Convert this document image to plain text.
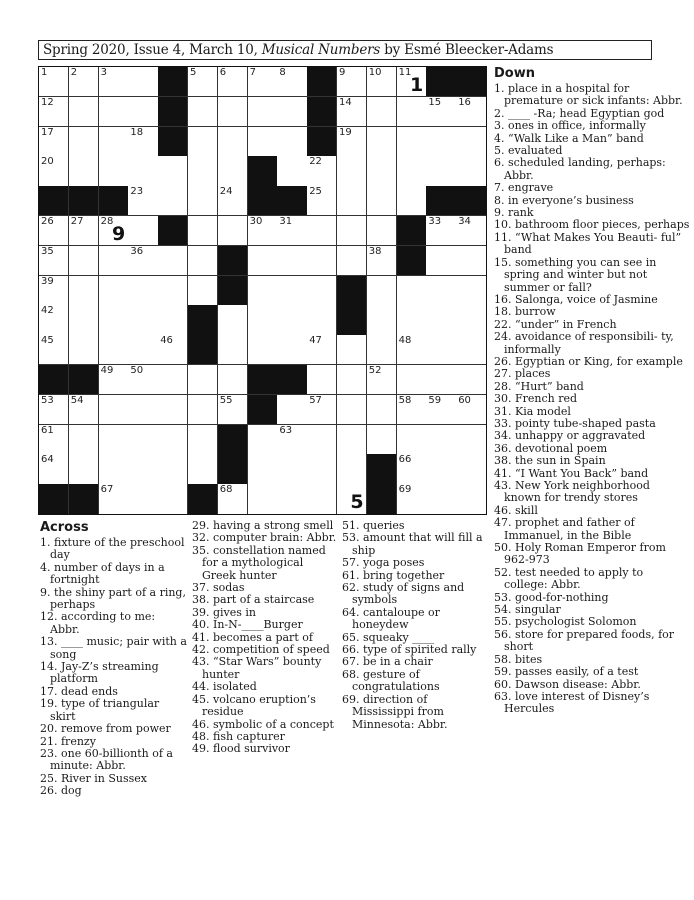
Spring 2020, Issue 4, March 10, Musical Numbers by Esmé Bleecker-Adams
1 2 3	5 6 7 8	9 10 11
12	14	15 16
17	18	19
20	22
23	24	25
26 27 28	30 31	33 34
35	36	38
39
42
45	46	47	48
49 50	52
53 54	55	57	58 59 60
61	63
64	66
67	68	69
4	1
9
5
Down

1. place in a hospital for premature or sick infants: Abbr.

2. ____ -Ra; head Egyptian god

3. ones in office, informally

4. “Walk Like a Man” band

5. evaluated

6. scheduled landing, perhaps: Abbr.

7. engrave

8. in everyone’s business

9. rank

10. bathroom floor pieces, perhaps

11. “What Makes You Beauti- ful” band

15. something you can see in spring and winter but not summer or fall?

16. Salonga, voice of Jasmine

18. burrow

22. “under” in French

24. avoidance of responsibili- ty, informally

26. Egyptian or King, for example

27. places

28. “Hurt” band

30. French red

31. Kia model

33. pointy tube-shaped pasta

34. unhappy or aggravated

36. devotional poem

38. the sun in Spain

41. “I Want You Back” band

43. New York neighborhood known for trendy stores

46. skill

47. prophet and father of Immanuel, in the Bible

50. Holy Roman Emperor from 962-973

52. test needed to apply to college: Abbr.

53. good-for-nothing

54. singular

55. psychologist Solomon

56. store for prepared foods, for short

58. bites

59. passes easily, of a test

60. Dawson disease: Abbr.

63. love interest of Disney’s Hercules

Across

1. fixture of the preschool day

4. number of days in a fortnight

9. the shiny part of a ring, perhaps

12. according to me: Abbr.

13. ____ music; pair with a song

14. Jay-Z’s streaming platform

17. dead ends

19. type of triangular skirt

20. remove from power

21. frenzy

23. one 60-billionth of a minute: Abbr.

25. River in Sussex

26. dog

29. having a strong smell

32. computer brain: Abbr.

35. constellation named for a mythological Greek hunter

37. sodas

38. part of a staircase

39. gives in

40. In-N-____Burger

41. becomes a part of

42. competition of speed

43. “Star Wars” bounty hunter

44. isolated

45. volcano eruption’s residue

46. symbolic of a concept

48. fish capturer

49. flood survivor

51. queries

53. amount that will fill a ship

57. yoga poses

61. bring together

62. study of signs and symbols

64. cantaloupe or honeydew

65. squeaky ____

66. type of spirited rally

67. be in a chair

68. gesture of congratulations

69. direction of Mississippi from Minnesota: Abbr.
